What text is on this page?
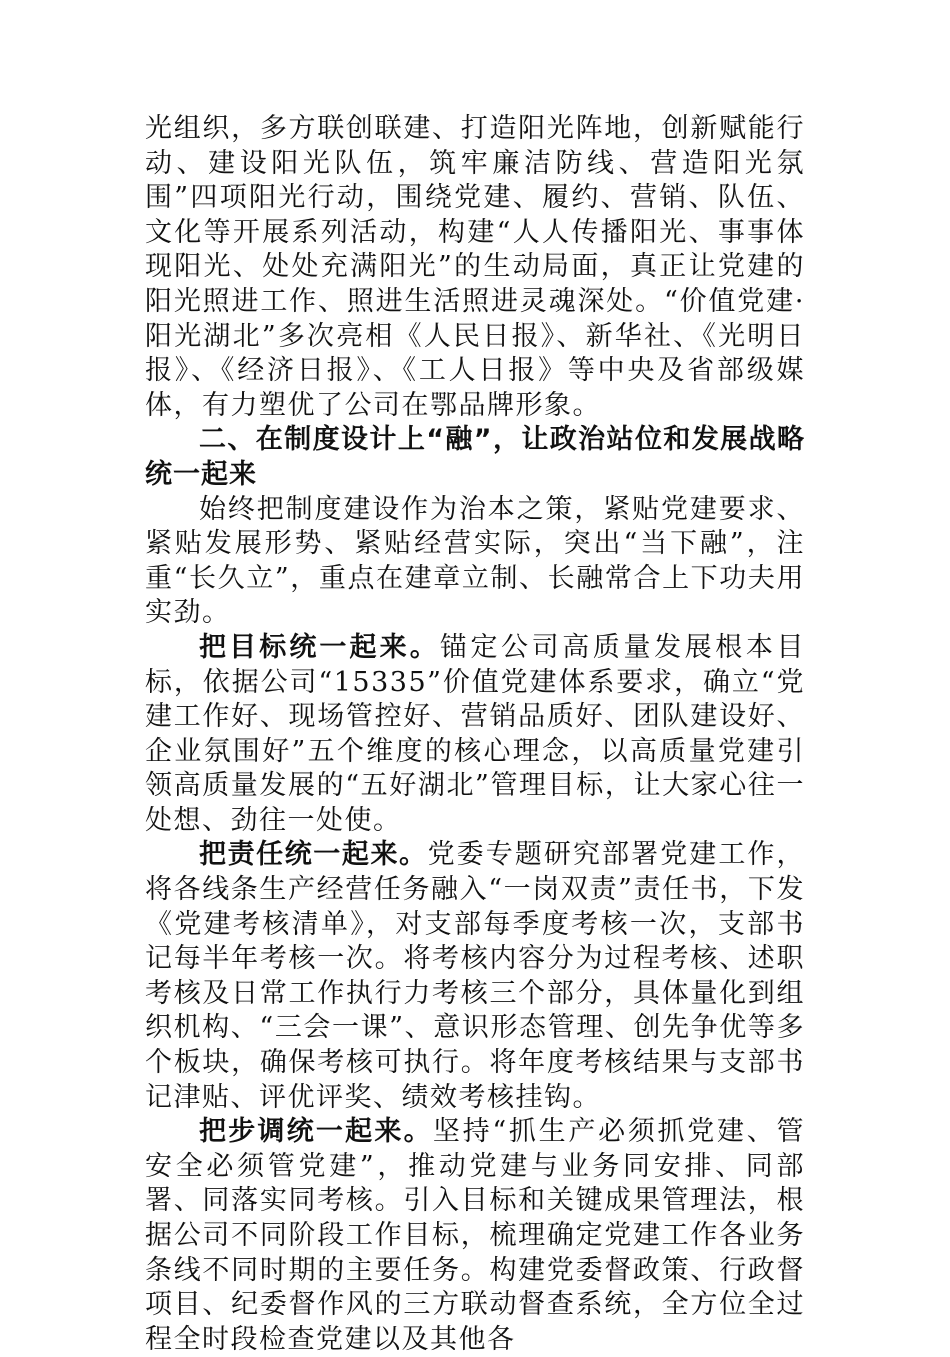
光组织，多方联创联建、打造阳光阵地，创新赋能行动、建设阳光队伍，筑牢廉洁防线、营造阳光氛围”四项阳光行动，围绕党建、履约、营销、队伍、文化等开展系列活动，构建“人人传播阳光、事事体现阳光、处处充满阳光”的生动局面，真正让党建的阳光照进工作、照进生活照进灵魂深处。“价值党建·阳光湖北”多次亮相《人民日报》、新华社、《光明日报》、《经济日报》、《工人日报》等中央及省部级媒体，有力塑优了公司在鄂品牌形象。

二、在制度设计上“融”，让政治站位和发展战略统一起来

始终把制度建设作为治本之策，紧贴党建要求、紧贴发展形势、紧贴经营实际，突出“当下融”，注重“长久立”，重点在建章立制、长融常合上下功夫用实劲。

把目标统一起来。锚定公司高质量发展根本目标，依据公司“15335”价值党建体系要求，确立“党建工作好、现场管控好、营销品质好、团队建设好、企业氛围好”五个维度的核心理念，以高质量党建引领高质量发展的“五好湖北”管理目标，让大家心往一处想、劲往一处使。

把责任统一起来。党委专题研究部署党建工作，将各线条生产经营任务融入“一岗双责”责任书，下发《党建考核清单》，对支部每季度考核一次，支部书记每半年考核一次。将考核内容分为过程考核、述职考核及日常工作执行力考核三个部分，具体量化到组织机构、“三会一课”、意识形态管理、创先争优等多个板块，确保考核可执行。将年度考核结果与支部书记津贴、评优评奖、绩效考核挂钩。

把步调统一起来。坚持“抓生产必须抓党建、管安全必须管党建”，推动党建与业务同安排、同部署、同落实同考核。引入目标和关键成果管理法，根据公司不同阶段工作目标，梳理确定党建工作各业务条线不同时期的主要任务。构建党委督政策、行政督项目、纪委督作风的三方联动督查系统，全方位全过程全时段检查党建以及其他各
